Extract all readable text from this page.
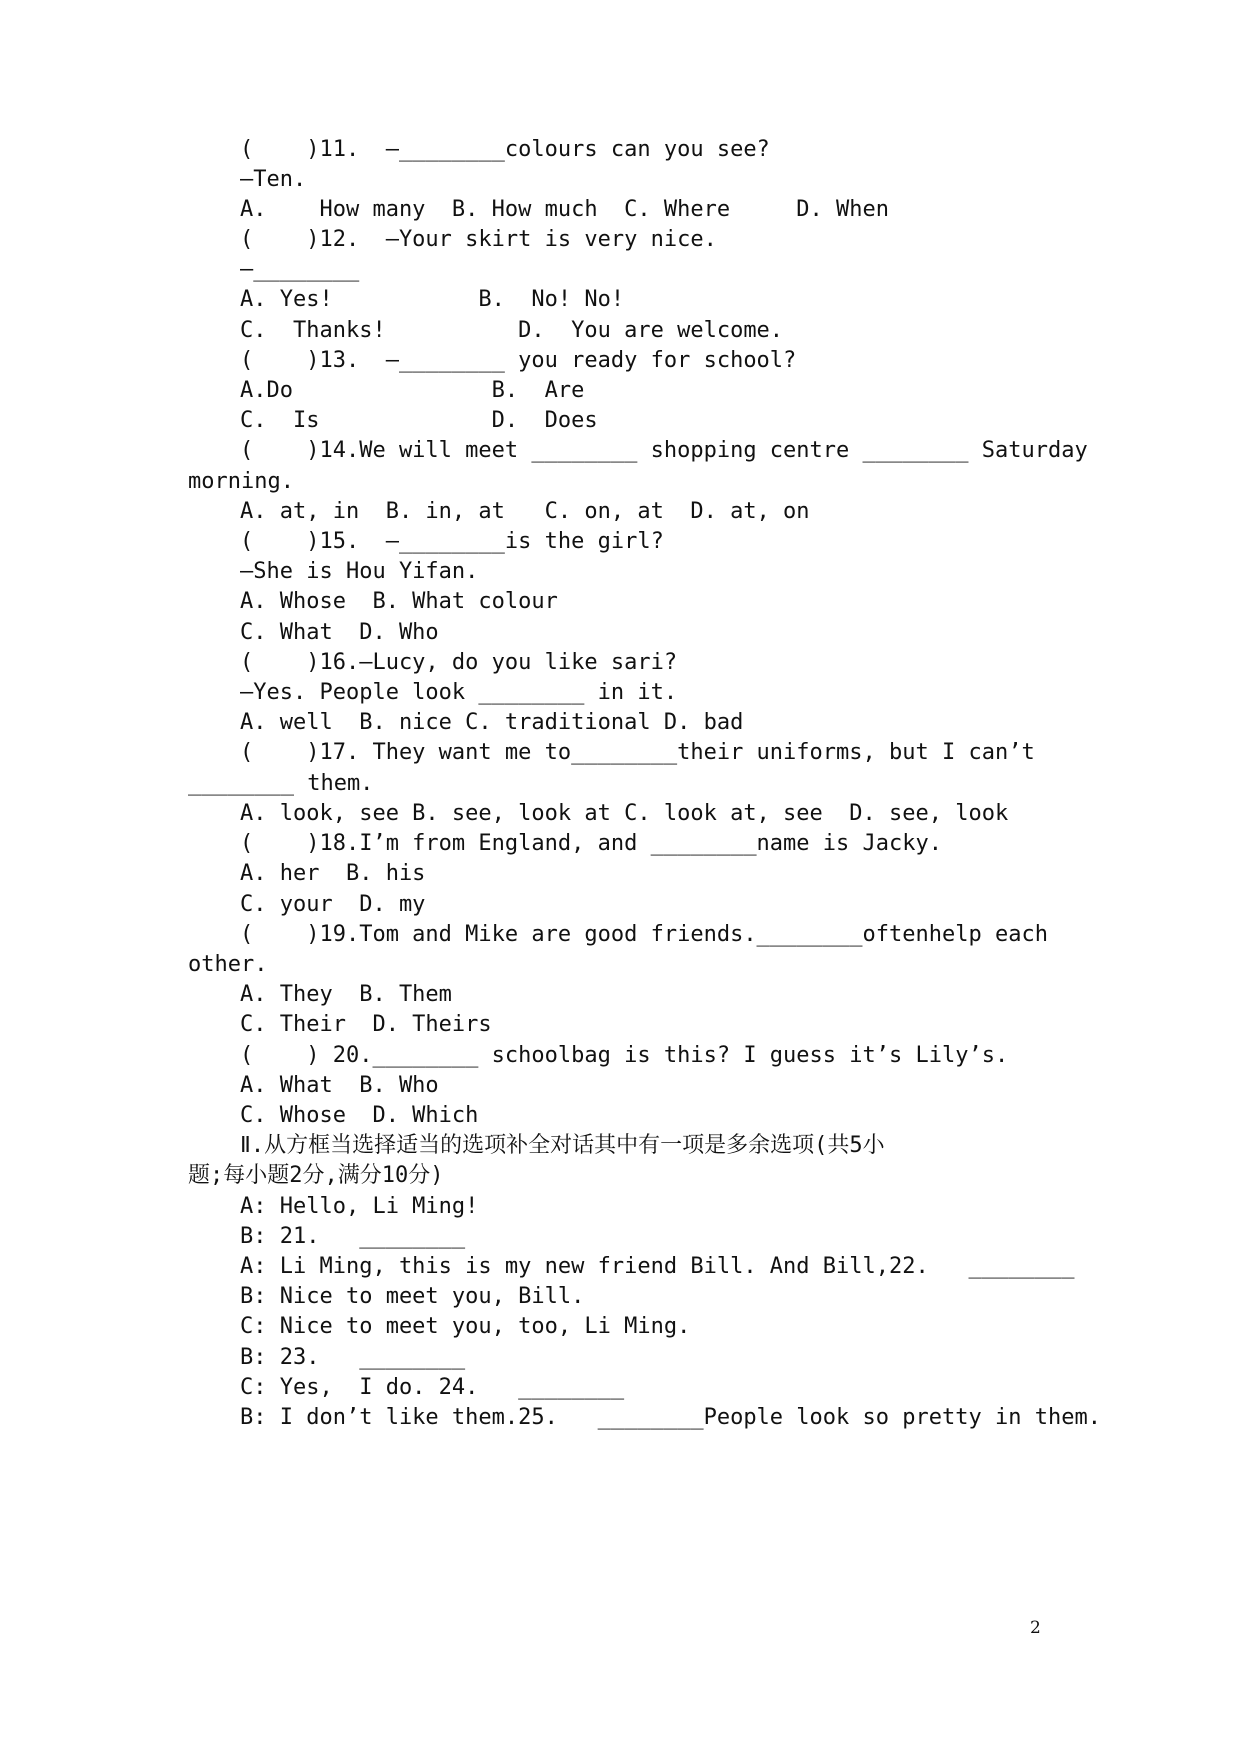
(    )11.  —________colours can you see?
—Ten.
A.    How many  B. How much  C. Where     D. When
(    )12.  —Your skirt is very nice.
—________
A. Yes!           B.  No! No!
C.  Thanks!          D.  You are welcome.
(    )13.  —________ you ready for school?
A.Do               B.  Are
C.  Is             D.  Does
(    )14.We will meet ________ shopping centre ________ Saturday
morning.
A. at, in  B. in, at   C. on, at  D. at, on
(    )15.  —________is the girl?
—She is Hou Yifan.
A. Whose  B. What colour
C. What  D. Who
(    )16.—Lucy, do you like sari?
—Yes. People look ________ in it.
A. well  B. nice C. traditional D. bad
(    )17. They want me to________their uniforms, but I can’t
________ them.
A. look, see B. see, look at C. look at, see  D. see, look
(    )18.I’m from England, and ________name is Jacky.
A. her  B. his
C. your  D. my
(    )19.Tom and Mike are good friends.________oftenhelp each
other.
A. They  B. Them
C. Their  D. Theirs
(    ) 20.________ schoolbag is this? I guess it’s Lily’s.
A. What  B. Who
C. Whose  D. Which
Ⅱ.从方框当选择适当的选项补全对话其中有一项是多余选项(共5小
题;每小题2分,满分10分)
A: Hello, Li Ming!
B: 21.   ________
A: Li Ming, this is my new friend Bill. And Bill,22.   ________
B: Nice to meet you, Bill.
C: Nice to meet you, too, Li Ming.
B: 23.   ________
C: Yes,  I do. 24.   ________
B: I don’t like them.25.   ________People look so pretty in them.
2
